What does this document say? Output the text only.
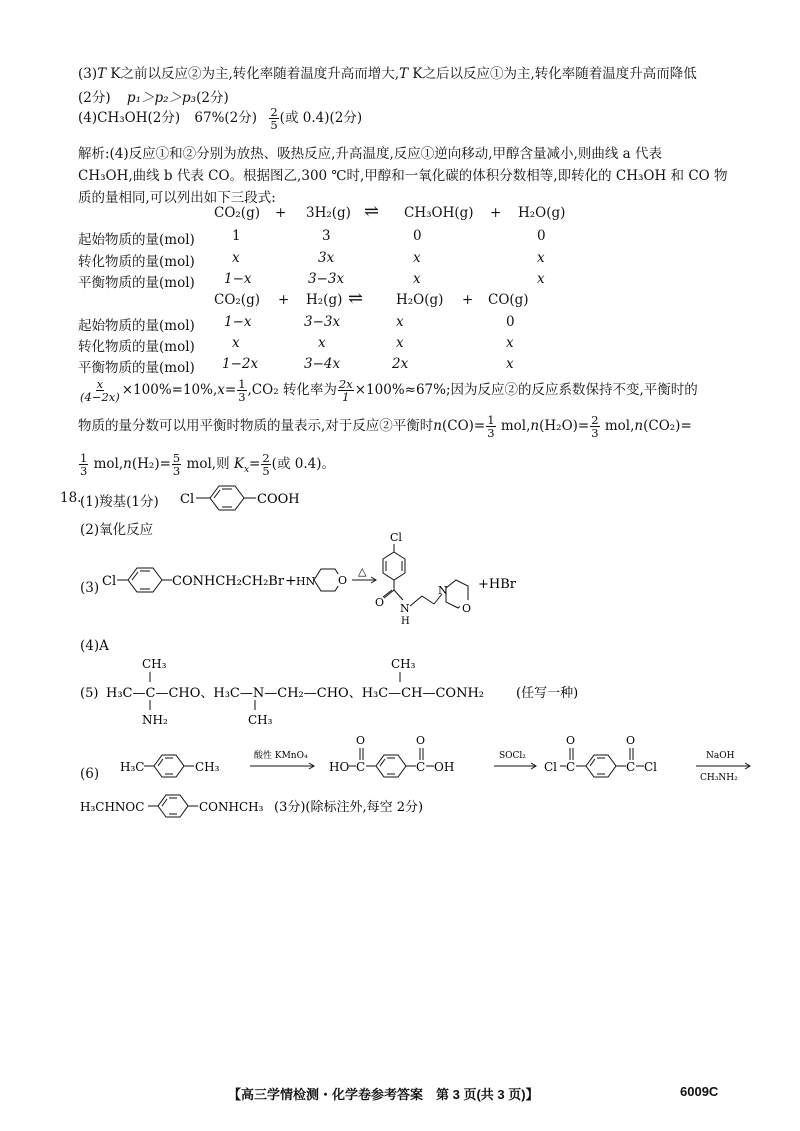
(3)T K之前以反应②为主,转化率随着温度升高而增大,T K之后以反应①为主,转化率随着温度升高而降低
(2分) p₁＞p₂＞p₃(2分)
(4)CH₃OH(2分) 67%(2分) $\frac{2}{5}$ (或 0.4)(2分)
解析:(4)反应①和②分别为放热、吸热反应,升高温度,反应①逆向移动,甲醇含量减小,则曲线 a 代表
CH₃OH,曲线 b 代表 CO。根据图乙,300 ℃时,甲醇和一氧化碳的体积分数相等,即转化的 CH₃OH 和 CO 物
质的量相同,可以列出如下三段式:
CO₂(g) + 3H₂(g) ⇌ CH₃OH(g) + H₂O(g)
起始物质的量(mol)	1	3	0	0
转化物质的量(mol)	x	3x	x	x
平衡物质的量(mol) 1−x	3−3x	x	x
CO₂(g) + H₂(g) ⇌ H₂O(g) + CO(g)
起始物质的量(mol) 1−x	3−3x	x	0
转化物质的量(mol)	x	x	x	x
平衡物质的量(mol) 1−2x	3−4x	2x	x
$\frac{x}{(4-2x)} \times 100\%=10\%,x= \frac{1}{3} ,CO_2$ 转化率为 $\frac{2x}{1} \times 100\%\approx 67\%$;因为反应②的反应系数保持不变,平衡时的
物质的量分数可以用平衡时物质的量表示,对于反应②平衡时$n(CO)= \frac{1}{3} mol,n(H_2O)= \frac{2}{3} mol,n(CO_2)=$
$\frac{1}{3} mol,n(H_2)= \frac{5}{3}$ mol,则 $K_x= \frac{2}{5}$ (或 0.4)。
18.
(1)羧基(1分) Cl	COOH
(2)氧化反应
(3) Cl	CONHCH₂CH₂Br + HN O
△
Cl
O N
H
N
O
+HBr
(4)A
(5)
CH₃
H₃C—C—CHO、H₃C—N—CH₂—CHO、H₃C—CH—CONH₂
NH₂	CH₃
CH₃
(任写一种)
(6) H₃C	CH₃
酸性 KMnO₄
HO C
O
C
O
OH
SOCl₂
Cl C
O
C
O
Cl
NaOH
CH₃NH₂
H₃CHNOC	CONHCH₃ (3分)(除标注外,每空 2分)
【高三学情检测・化学卷参考答案　第 3 页(共 3 页)】	6009C
